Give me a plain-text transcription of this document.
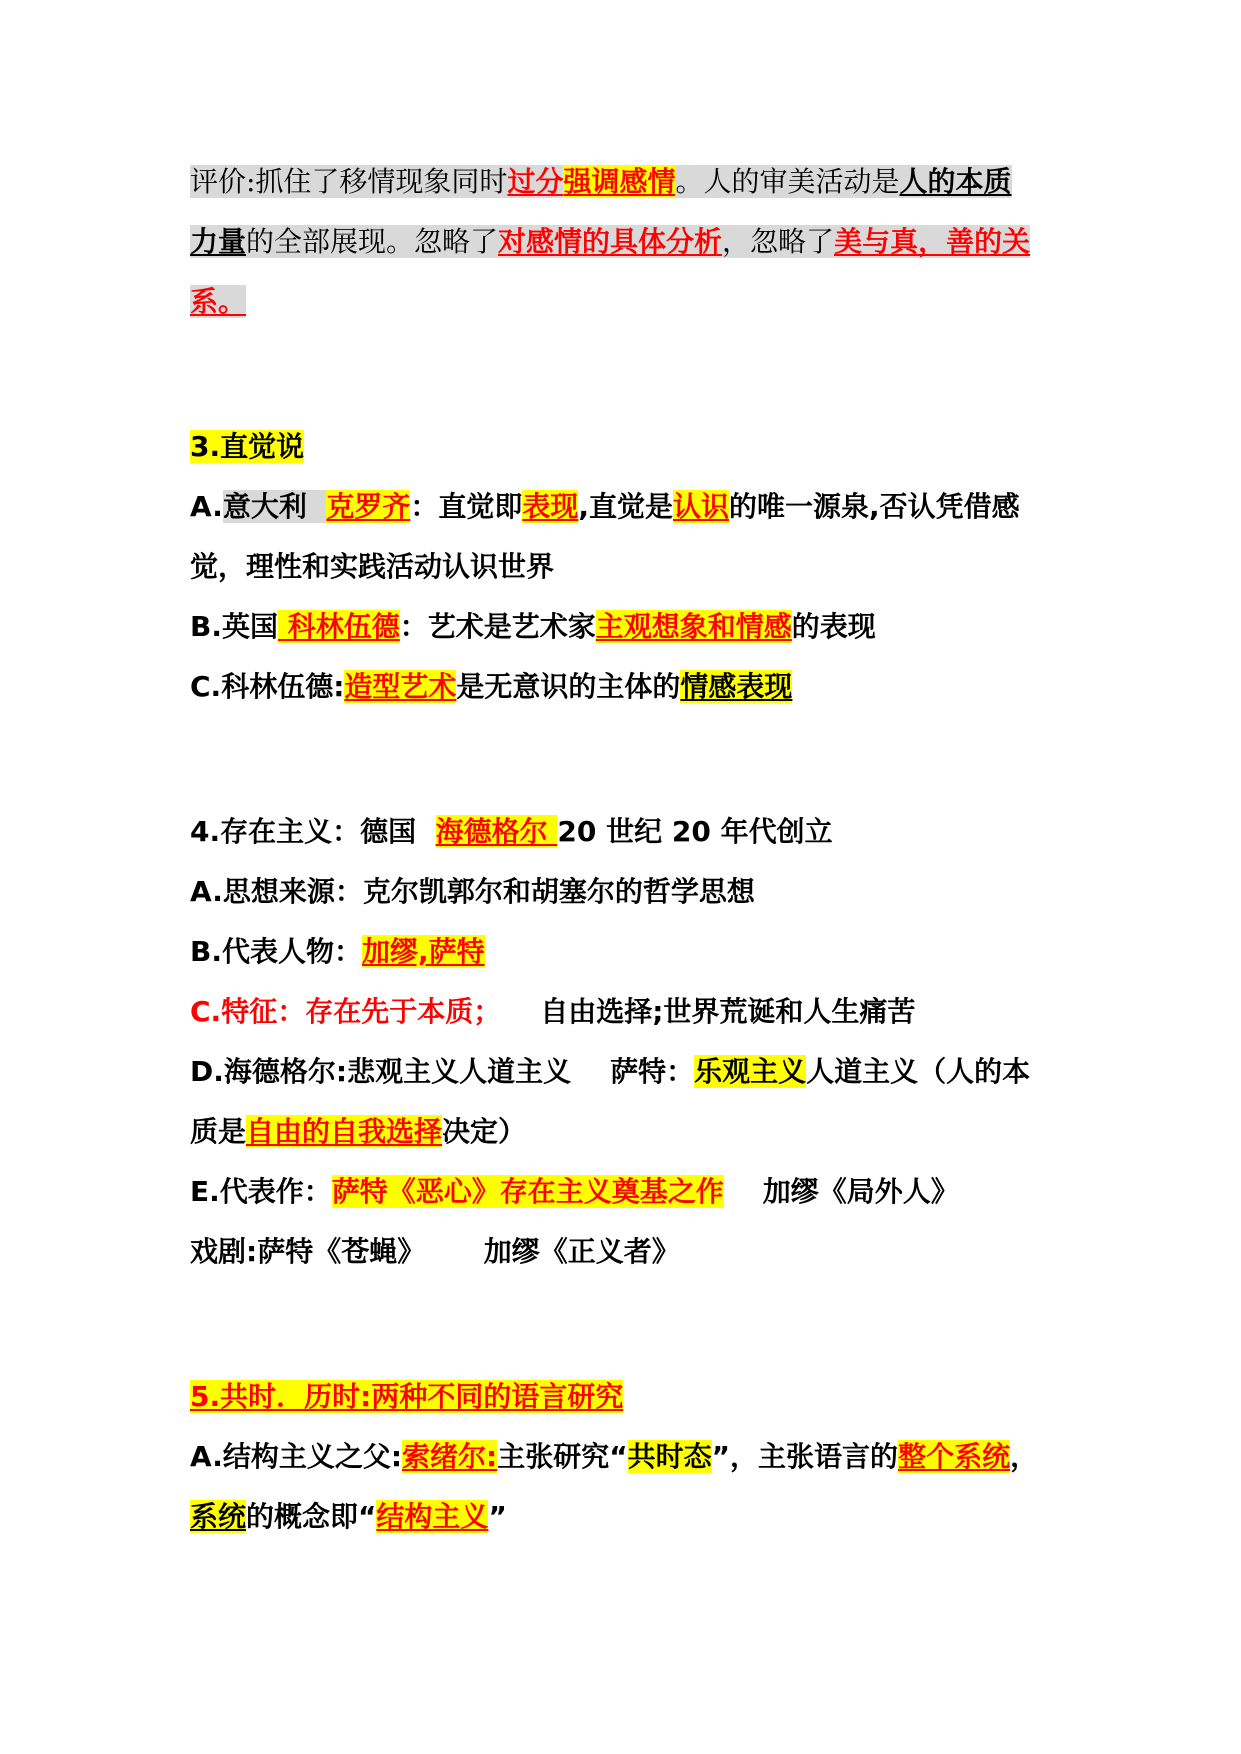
评价:抓住了移情现象同时过分强调感情。人的审美活动是人的本质
力量的全部展现。忽略了对感情的具体分析，忽略了美与真，善的关
系。
3.直觉说
A.意大利 克罗齐：直觉即表现,直觉是认识的唯一源泉,否认凭借感
觉，理性和实践活动认识世界
B.英国 科林伍德：艺术是艺术家主观想象和情感的表现
C.科林伍德:造型艺术是无意识的主体的情感表现
4.存在主义：德国 海德格尔 20 世纪 20 年代创立
A.思想来源：克尔凯郭尔和胡塞尔的哲学思想
B.代表人物：加缪,萨特
C.特征：存在先于本质； 自由选择;世界荒诞和人生痛苦
D.海德格尔:悲观主义人道主义 萨特：乐观主义人道主义（人的本
质是自由的自我选择决定）
E.代表作：萨特《恶心》存在主义奠基之作 加缪《局外人》
戏剧:萨特《苍蝇》 加缪《正义者》
5.共时．历时:两种不同的语言研究
A.结构主义之父:索绪尔:主张研究“共时态”，主张语言的整个系统，
系统的概念即“结构主义”
